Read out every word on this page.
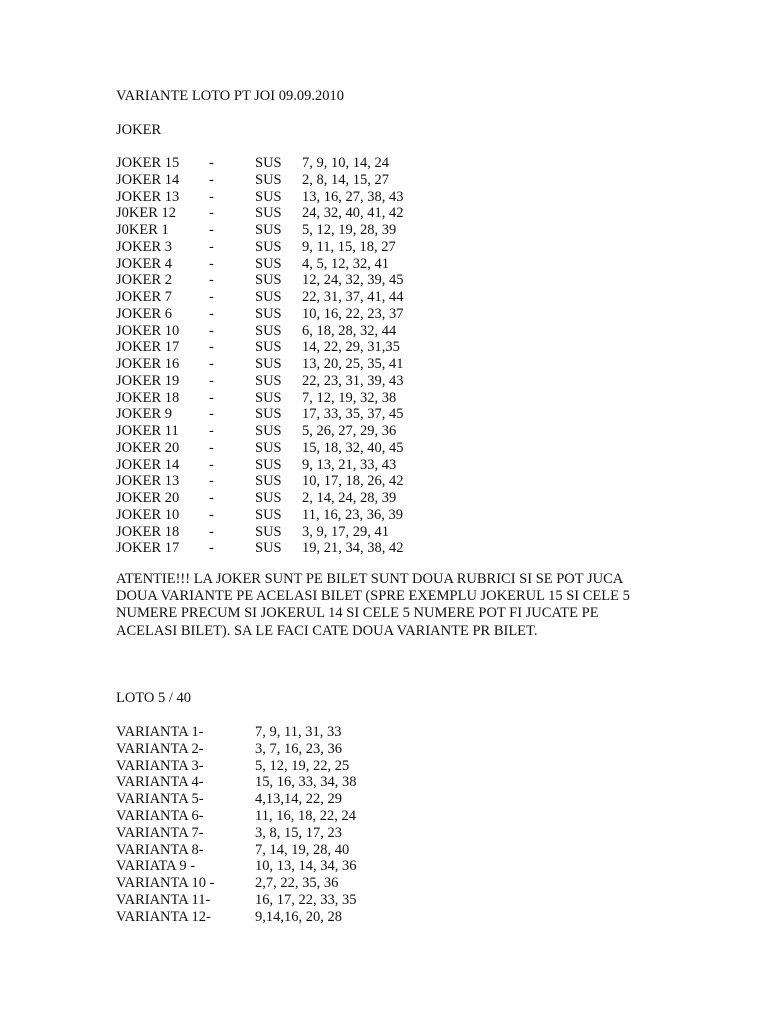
VARIANTE LOTO PT JOI 09.09.2010
JOKER
JOKER 15 -	SUS 7, 9, 10, 14, 24
JOKER 14 -	SUS 2, 8, 14, 15, 27
JOKER 13 -	SUS 13, 16, 27, 38, 43
J0KER 12 -	SUS 24, 32, 40, 41, 42
J0KER 1	-	SUS 5, 12, 19, 28, 39
JOKER 3	-	SUS 9, 11, 15, 18, 27
JOKER 4	-	SUS 4, 5, 12, 32, 41
JOKER 2	-	SUS 12, 24, 32, 39, 45
JOKER 7	-	SUS 22, 31, 37, 41, 44
JOKER 6	-	SUS 10, 16, 22, 23, 37
JOKER 10 -	SUS 6, 18, 28, 32, 44
JOKER 17 -	SUS 14, 22, 29, 31,35
JOKER 16 -	SUS 13, 20, 25, 35, 41
JOKER 19 -	SUS 22, 23, 31, 39, 43
JOKER 18 -	SUS 7, 12, 19, 32, 38
JOKER 9	-	SUS 17, 33, 35, 37, 45
JOKER 11 -	SUS 5, 26, 27, 29, 36
JOKER 20 -	SUS 15, 18, 32, 40, 45
JOKER 14 -	SUS 9, 13, 21, 33, 43
JOKER 13 -	SUS 10, 17, 18, 26, 42
JOKER 20 -	SUS 2, 14, 24, 28, 39
JOKER 10 -	SUS 11, 16, 23, 36, 39
JOKER 18 -	SUS 3, 9, 17, 29, 41
JOKER 17 -	SUS 19, 21, 34, 38, 42
ATENTIE!!! LA JOKER SUNT PE BILET SUNT DOUA RUBRICI SI SE POT JUCA DOUA VARIANTE PE ACELASI BILET (SPRE EXEMPLU JOKERUL 15 SI CELE 5 NUMERE PRECUM SI JOKERUL 14 SI CELE 5 NUMERE POT FI JUCATE PE ACELASI BILET). SA LE FACI CATE DOUA VARIANTE PR BILET.
LOTO 5 / 40
VARIANTA 1-	7, 9, 11, 31, 33
VARIANTA 2-	3, 7, 16, 23, 36
VARIANTA 3-	5, 12, 19, 22, 25
VARIANTA 4-	15, 16, 33, 34, 38
VARIANTA 5-	4,13,14, 22, 29
VARIANTA 6-	11, 16, 18, 22, 24
VARIANTA 7-	3, 8, 15, 17, 23
VARIANTA 8-	7, 14, 19, 28, 40
VARIATA 9 -	10, 13, 14, 34, 36
VARIANTA 10 -	2,7, 22, 35, 36
VARIANTA 11-	16, 17, 22, 33, 35
VARIANTA 12-	9,14,16, 20, 28
